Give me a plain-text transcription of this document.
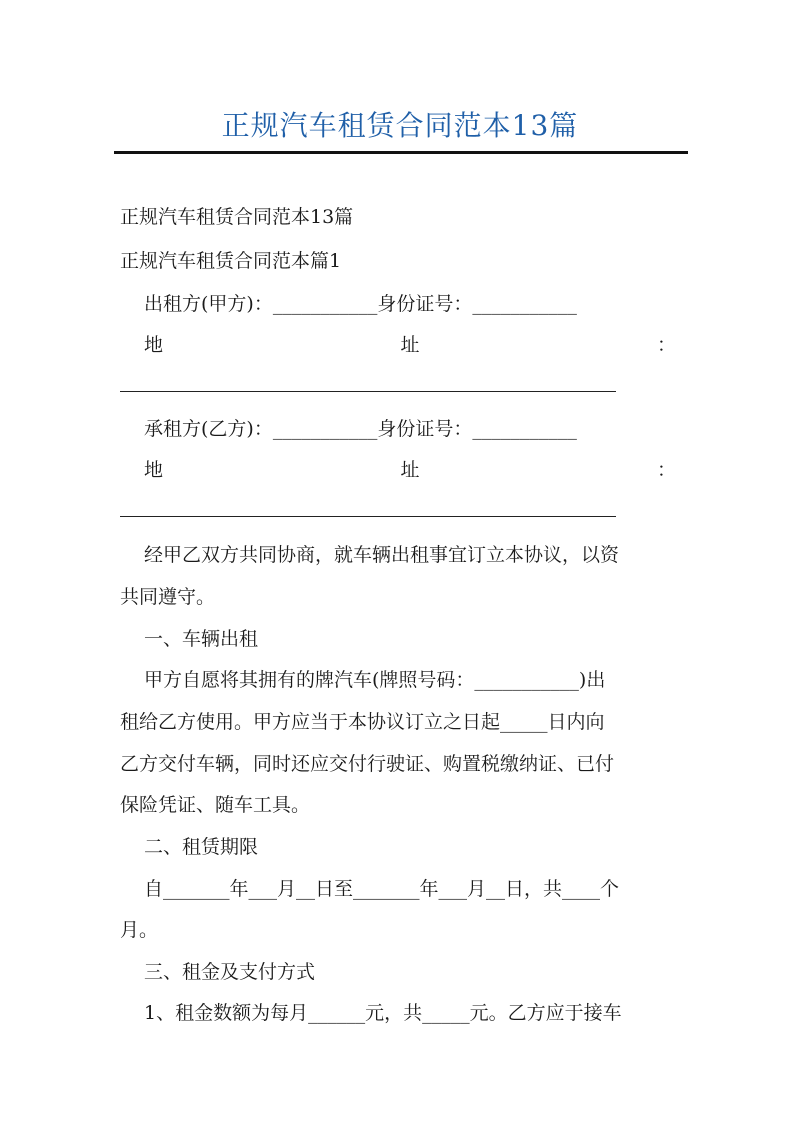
正规汽车租赁合同范本13篇
正规汽车租赁合同范本13篇
正规汽车租赁合同范本篇1
出租方(甲方)：___________身份证号：___________
地	址	：
承租方(乙方)：___________身份证号：___________
地	址	：
经甲乙双方共同协商，就车辆出租事宜订立本协议，以资
共同遵守。
一、车辆出租
甲方自愿将其拥有的牌汽车(牌照号码：___________)出
租给乙方使用。甲方应当于本协议订立之日起_____日内向
乙方交付车辆，同时还应交付行驶证、购置税缴纳证、已付
保险凭证、随车工具。
二、租赁期限
自_______年___月__日至_______年___月__日，共____个
月。
三、租金及支付方式
1、租金数额为每月______元，共_____元。乙方应于接车
